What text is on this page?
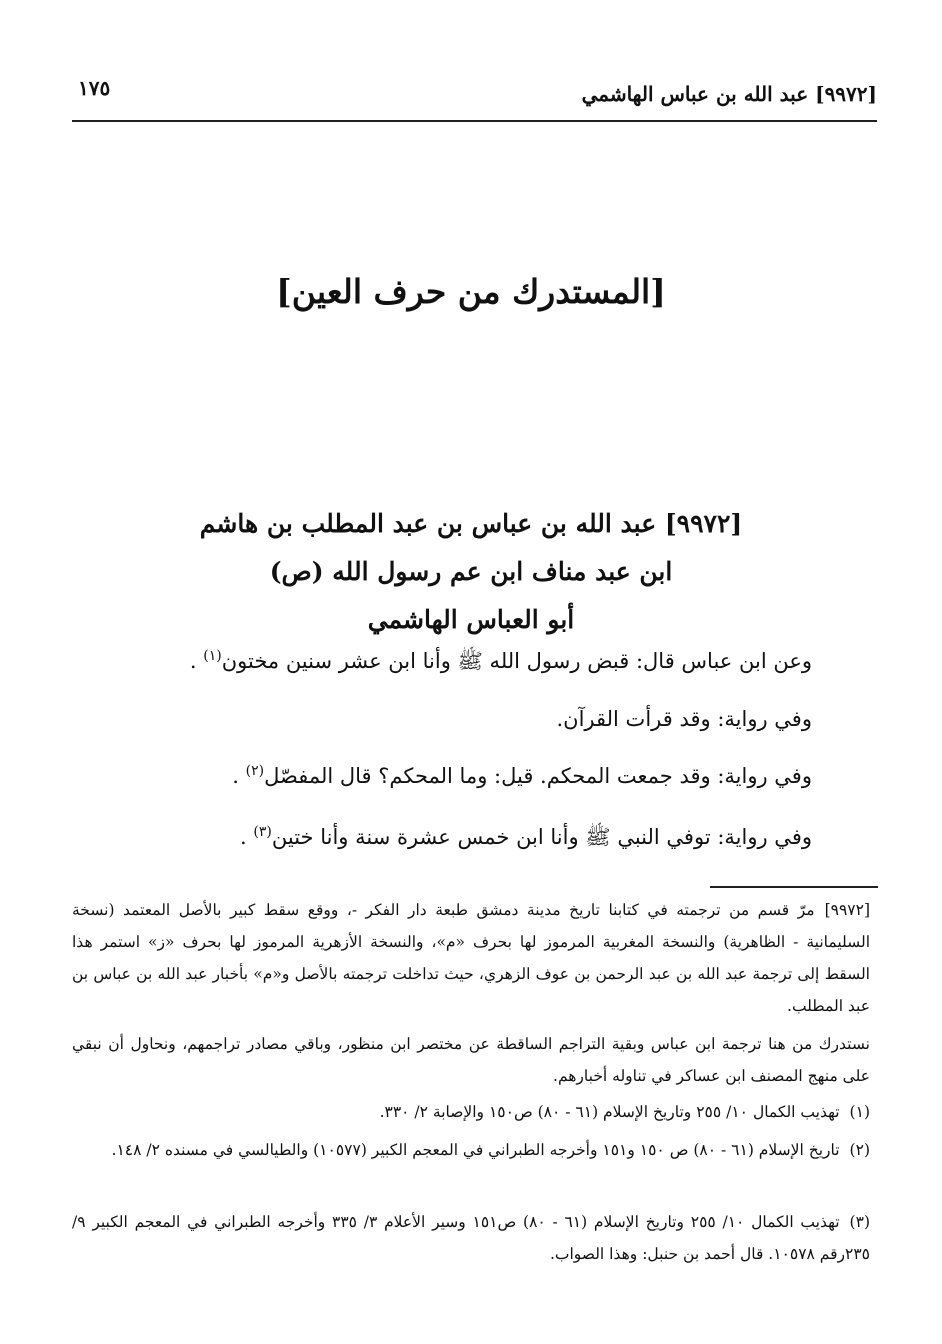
[٩٩٧٢] عبد الله بن عباس الهاشمي
١٧٥
[المستدرك من حرف العين]
[٩٩٧٢] عبد الله بن عباس بن عبد المطلب بن هاشم
ابن عبد مناف ابن عم رسول الله (ص)
أبو العباس الهاشمي
وعن ابن عباس قال: قبض رسول الله ﷺ وأنا ابن عشر سنين مختون$^{(١)}$ .
وفي رواية: وقد قرأت القرآن.
وفي رواية: وقد جمعت المحكم. قيل: وما المحكم؟ قال المفصّل$^{(٢)}$ .
وفي رواية: توفي النبي ﷺ وأنا ابن خمس عشرة سنة وأنا ختين$^{(٣)}$ .
[٩٩٧٢]مرّ قسم من ترجمته في كتابنا تاريخ مدينة دمشق طبعة دار الفكر -، ووقع سقط كبير بالأصل المعتمد (نسخة السليمانية - الظاهرية) والنسخة المغربية المرموز لها بحرف «م»، والنسخة الأزهرية المرموز لها بحرف «ز» استمر هذا السقط إلى ترجمة عبد الله بن عبد الرحمن بن عوف الزهري، حيث تداخلت ترجمته بالأصل و«م» بأخبار عبد الله بن عباس بن عبد المطلب.
نستدرك من هنا ترجمة ابن عباس وبقية التراجم الساقطة عن مختصر ابن منظور، وباقي مصادر تراجمهم، ونحاول أن نبقي على منهج المصنف ابن عساكر في تناوله أخبارهم.
(١)تهذيب الكمال ١٠/ ٢٥٥ وتاريخ الإسلام (٦١ - ٨٠) ص١٥٠ والإصابة ٢/ ٣٣٠.
(٢)تاريخ الإسلام (٦١ - ٨٠) ص ١٥٠ و١٥١ وأخرجه الطبراني في المعجم الكبير (١٠٥٧٧) والطيالسي في مسنده ٢/ ١٤٨.
(٣)تهذيب الكمال ١٠/ ٢٥٥ وتاريخ الإسلام (٦١ - ٨٠) ص١٥١ وسير الأعلام ٣/ ٣٣٥ وأخرجه الطبراني في المعجم الكبير ٩/ ٢٣٥رقم ١٠٥٧٨. قال أحمد بن حنبل: وهذا الصواب.
